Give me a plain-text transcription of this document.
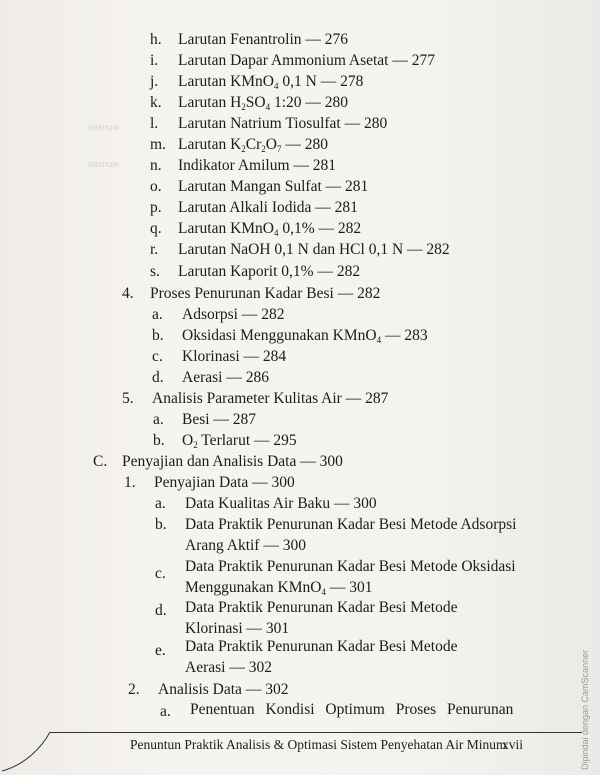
nasnuw
nasnuw
h. Larutan Fenantrolin — 276
i. Larutan Dapar Ammonium Asetat — 277
j. Larutan KMnO$_4$ 0,1 N — 278
k. Larutan $H_2SO_4$ 1:20 — 280
l. Larutan Natrium Tiosulfat — 280
m. Larutan $K_2Cr_2O_7$ — 280
n. Indikator Amilum — 281
o. Larutan Mangan Sulfat — 281
p. Larutan Alkali Iodida — 281
q. Larutan KMnO$_4$ 0,1% — 282
r. Larutan NaOH 0,1 N dan HCl 0,1 N — 282
s. Larutan Kaporit 0,1% — 282
4. Proses Penurunan Kadar Besi — 282
a. Adsorpsi — 282
b. Oksidasi Menggunakan KMnO$_4$ — 283
c. Klorinasi — 284
d. Aerasi — 286
5. Analisis Parameter Kulitas Air — 287
a. Besi — 287
b. $O_2$ Terlarut — 295
C. Penyajian dan Analisis Data — 300
1. Penyajian Data — 300
a. Data Kualitas Air Baku — 300
b. Data Praktik Penurunan Kadar Besi Metode Adsorpsi
Arang Aktif — 300
c. Data Praktik Penurunan Kadar Besi Metode Oksidasi
Menggunakan KMnO$_4$ — 301
d. Data Praktik Penurunan Kadar Besi Metode
Klorinasi — 301
e. Data Praktik Penurunan Kadar Besi Metode
Aerasi — 302
2. Analisis Data — 302
a. Penentuan Kondisi Optimum Proses Penurunan
Penuntun Praktik Analisis & Optimasi Sistem Penyehatan Air Minum
xvii	Dipindai dengan CamScanner
